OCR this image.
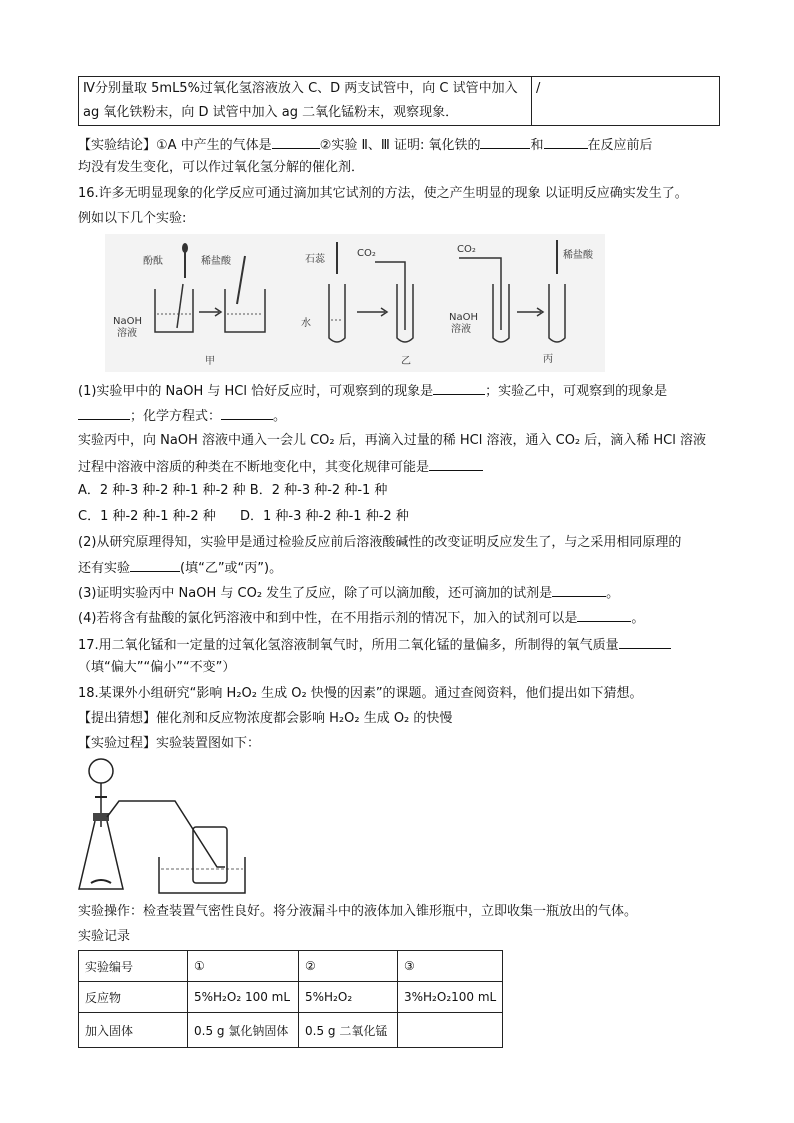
Ⅳ分别量取 5mL5%过氧化氢溶液放入 C、D 两支试管中，向 C 试管中加入
ag 氧化铁粉末，向 D 试管中加入 ag 二氧化锰粉末，观察现象．
	/
【实验结论】①A 中产生的气体是	②实验 Ⅱ、Ⅲ 证明: 氧化铁的	和	在反应前后
均没有发生变化，可以作过氧化氢分解的催化剂．
16.许多无明显现象的化学反应可通过滴加其它试剂的方法，使之产生明显的现象 以证明反应确实发生了。
例如以下几个实验:
酚酞
NaOH
溶液
稀盐酸
甲
石蕊
水
CO₂
乙
CO₂
NaOH
溶液
稀盐酸
丙
(1)实验甲中的 NaOH 与 HCl 恰好反应时，可观察到的现象是	；实验乙中，可观察到的现象是
；化学方程式：	。
实验丙中，向 NaOH 溶液中通入一会儿 CO₂ 后，再滴入过量的稀 HCl 溶液，通入 CO₂ 后，滴入稀 HCl 溶液
过程中溶液中溶质的种类在不断地变化中，其变化规律可能是
A．2 种-3 种-2 种-1 种-2 种 B．2 种-3 种-2 种-1 种
C．1 种-2 种-1 种-2 种 D．1 种-3 种-2 种-1 种-2 种
(2)从研究原理得知，实验甲是通过检验反应前后溶液酸碱性的改变证明反应发生了，与之采用相同原理的
还有实验	(填“乙”或“丙”)。
(3)证明实验丙中 NaOH 与 CO₂ 发生了反应，除了可以滴加酸，还可滴加的试剂是	。
(4)若将含有盐酸的氯化钙溶液中和到中性，在不用指示剂的情况下，加入的试剂可以是	。
17.用二氧化锰和一定量的过氧化氢溶液制氧气时，所用二氧化锰的量偏多，所制得的氧气质量
（填“偏大”“偏小”“不变”）
18.某课外小组研究“影响 H₂O₂ 生成 O₂ 快慢的因素”的课题。通过查阅资料，他们提出如下猜想。
【提出猜想】催化剂和反应物浓度都会影响 H₂O₂ 生成 O₂ 的快慢
【实验过程】实验装置图如下：
实验操作：检查装置气密性良好。将分液漏斗中的液体加入锥形瓶中，立即收集一瓶放出的气体。
实验记录
实验编号	①	②	③
反应物	5%H₂O₂ 100 mL	5%H₂O₂	3%H₂O₂100 mL
加入固体	0.5 g 氯化钠固体	0.5 g 二氧化锰	
